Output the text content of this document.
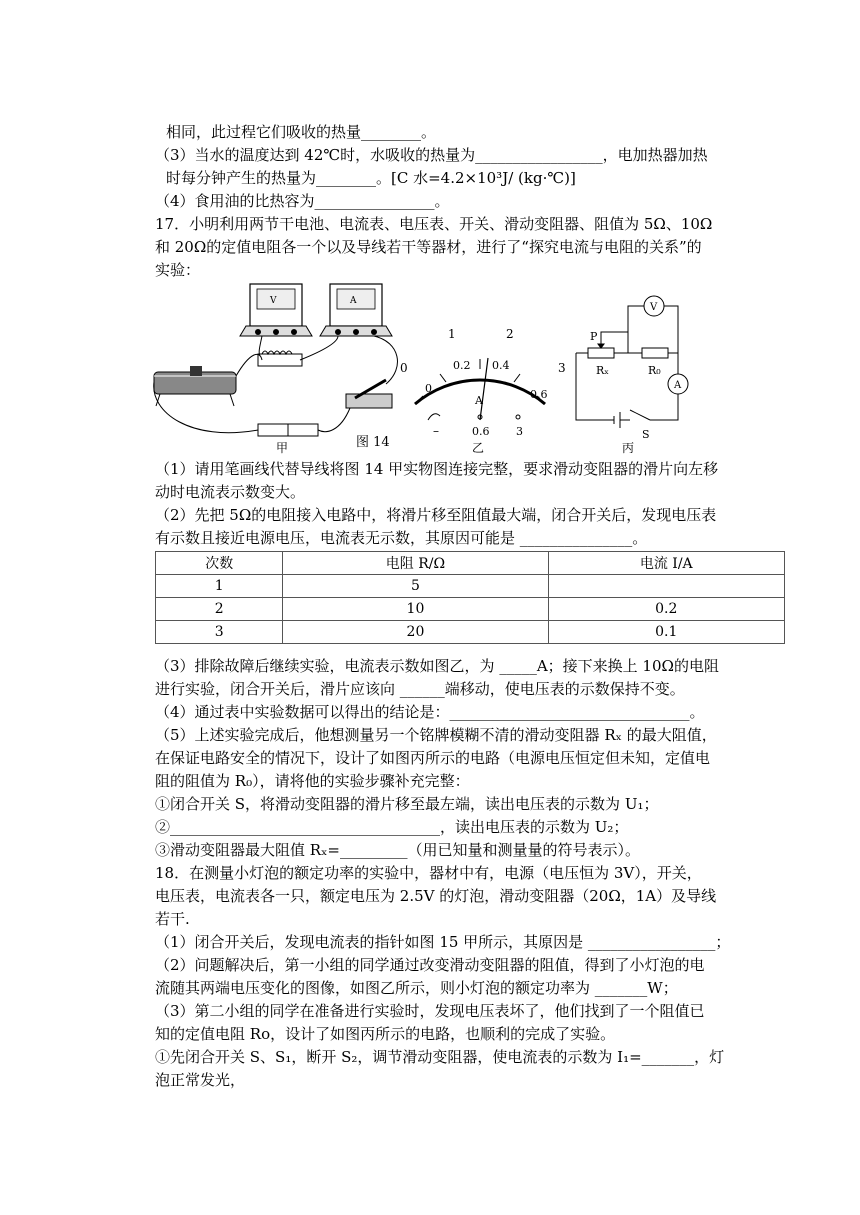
相同，此过程它们吸收的热量________。
（3）当水的温度达到 42℃时，水吸收的热量为_________________，电加热器加热
时每分钟产生的热量为________。[C 水=4.2×10³J/ (kg·℃)]
（4）食用油的比热容为________________。
17．小明利用两节干电池、电流表、电压表、开关、滑动变阻器、阻值为 5Ω、10Ω
和 20Ω的定值电阻各一个以及导线若干等器材，进行了“探究电流与电阻的关系”的
实验：
V	A
甲	图 14
0
1	2
3
0
0.2 0.4
0.6
A
–	0.6 3
乙
P
Rₓ	R₀
V
A
S
丙
（1）请用笔画线代替导线将图 14 甲实物图连接完整，要求滑动变阻器的滑片向左移
动时电流表示数变大。
（2）先把 5Ω的电阻接入电路中，将滑片移至阻值最大端，闭合开关后，发现电压表
有示数且接近电源电压，电流表无示数，其原因可能是 _______________。
次数	电阻 R/Ω	电流 I/A
1	5	
2	10	0.2
3	20	0.1
（3）排除故障后继续实验，电流表示数如图乙，为 _____A；接下来换上 10Ω的电阻
进行实验，闭合开关后，滑片应该向 ______端移动，使电压表的示数保持不变。
（4）通过表中实验数据可以得出的结论是：________________________________。
（5）上述实验完成后，他想测量另一个铭牌模糊不清的滑动变阻器 Rₓ 的最大阻值，
在保证电路安全的情况下，设计了如图丙所示的电路（电源电压恒定但未知，定值电
阻的阻值为 R₀），请将他的实验步骤补充完整：
①闭合开关 S，将滑动变阻器的滑片移至最左端，读出电压表的示数为 U₁；
②____________________________________，读出电压表的示数为 U₂；
③滑动变阻器最大阻值 Rₓ=_________（用已知量和测量量的符号表示）。
18．在测量小灯泡的额定功率的实验中，器材中有，电源（电压恒为 3V），开关，
电压表，电流表各一只，额定电压为 2.5V 的灯泡，滑动变阻器（20Ω，1A）及导线
若干.
（1）闭合开关后，发现电流表的指针如图 15 甲所示，其原因是 _________________；
（2）问题解决后，第一小组的同学通过改变滑动变阻器的阻值，得到了小灯泡的电
流随其两端电压变化的图像，如图乙所示，则小灯泡的额定功率为 _______W；
（3）第二小组的同学在准备进行实验时，发现电压表坏了，他们找到了一个阻值已
知的定值电阻 Ro，设计了如图丙所示的电路，也顺利的完成了实验。
①先闭合开关 S、S₁，断开 S₂，调节滑动变阻器，使电流表的示数为 I₁=_______，灯
泡正常发光，
